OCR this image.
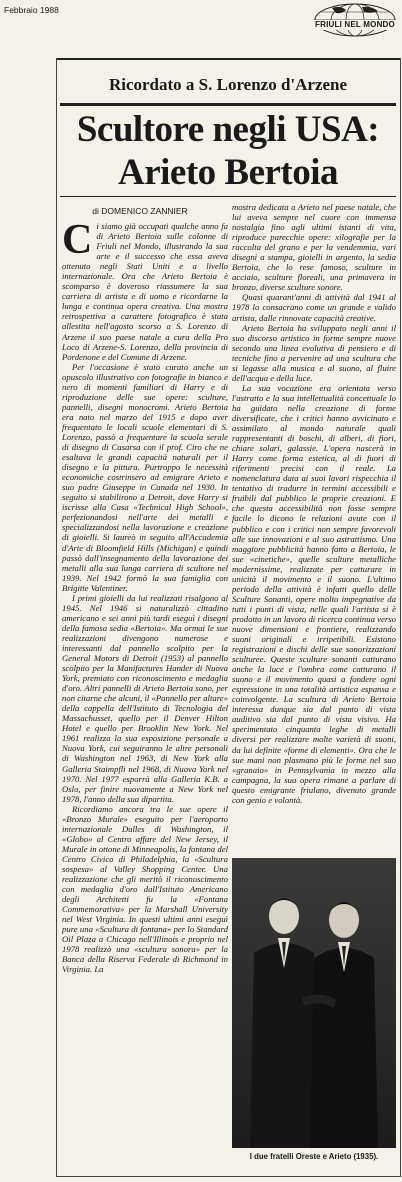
Febbraio 1988
FRIULI NEL MONDO
Ricordato a S. Lorenzo d'Arzene
Scultore negli USA:
Arieto Bertoia
di DOMENICO ZANNIER

Ci siamo già occupati qualche anno fa di Arieto Bertoia sulle colonne di Friuli nel Mondo, illustrando la sua arte e il successo che essa aveva ottenuto negli Stati Uniti e a livello internazionale. Ora che Arieto Bertoia è scomparso è doveroso riassumere la sua carriera di artista e di uomo e ricordarne la lunga e continua opera creativa. Una mostra retrospettiva a carattere fotografico è stata allestita nell'agosto scorso a S. Lorenzo di Arzene il suo paese natale a cura della Pro Loco di Arzene-S. Lorenzo, della provincia di Pordenone e del Comune di Arzene.

Per l'occasione è stato curato anche un opuscolo illustrativo con fotografie in bianco e nero di momenti familiari di Harry e di riproduzione delle sue opere: sculture, pannelli, disegni monocromi. Arieto Bertoia era nato nel marzo del 1915 e dopo aver frequentato le locali scuole elementari di S. Lorenzo, passò a frequentare la scuola serale di disegno di Casarsa con il prof. Ciro che ne esaltava le grandi capacità naturali per il disegno e la pittura. Purtroppo le necessità economiche costrinsero ad emigrare Arieto e suo padre Giuseppe in Canada nel 1930. In seguito si stabilirono a Detroit, dove Harry si iscrisse alla Casa «Technical High School», perfezionandosi nell'arte dei metalli e specializzandosi nella lavorazione e creazione di gioielli. Si laureò in seguito all'Accademia d'Arte di Bloomfield Hills (Michigan) e quindi passò dall'insegnamento della lavorazione dei metalli alla sua lunga carriera di scultore nel 1939. Nel 1942 formò la sua famiglia con Brigitte Valentiner.

I primi gioielli da lui realizzati risalgono al 1945. Nel 1946 si naturalizzò cittadino americano e sei anni più tardi eseguì i disegni della famosa sedia «Bertoia». Ma ormai le sue realizzazioni divengono numerose e interessanti dal pannello scolpito per la General Motors di Detroit (1953) al pannello scolpito per la Manifactures Hander di Nuova York, premiato con riconoscimento e medaglia d'oro. Altri pannelli di Arieto Bertoia sono, per non citarne che alcuni, il «Pannello per altare» della cappella dell'Istituto di Tecnologia del Massachusset, quello per il Denver Hilton Hotel e quello per Brooklin New York. Nel 1961 realizza la sua esposizione personale a Nuova York, cui seguiranno le altre personali di Washington nel 1963, di New York alla Galleria Staimpfli nel 1968, di Nuova York nel 1970. Nel 1977 esporrà alla Galleria K.B. a Oslo, per finire nuovamente a New York nel 1978, l'anno della sua dipartita.

Ricordiamo ancora tra le sue opere il «Bronzo Murale» eseguito per l'aeroporto internazionale Dulles di Washington, il «Globo» al Centro affare del New Jersey, il Murale in ottone di Minneapolis, la fontana del Centro Civico di Philadelphia, la «Scultura sospesa» al Valley Shopping Center. Una realizzazione che gli meritò il riconoscimento con medaglia d'oro dall'Istituto Americano degli Architetti fu la «Fontana Commemorativa» per la Marshall University nel West Virginia. In questi ultimi anni eseguì pure una «Scultura di fontana» per lo Standard Oil Plaza a Chicago nell'Illinois e proprio nel 1978 realizzò una «scultura sonora» per la Banca della Riserva Federale di Richmond in Virginia. La

mostra dedicata a Arieto nel paese natale, che lui aveva sempre nel cuore con immensa nostalgia fino agli ultimi istanti di vita, riproduce parecchie opere: xilografie per la raccolta del grano e per la vendemmia, vari disegni a stampa, gioielli in argento, la sedia Bertoia, che lo rese famoso, sculture in acciaio, sculture floreali, una primavera in bronzo, diverse sculture sonore.

Quasi quarant'anni di attività dal 1941 al 1978 lo consacrano come un grande e valido artista, dalle rinnovate capacità creative.

Arieto Bertoia ha sviluppato negli anni il suo discorso artistico in forme sempre nuove secondo una linea evolutiva di pensiero e di tecniche fino a pervenire ad una scultura che si legasse alla musica e al suono, al fluire dell'acqua e della luce.

La sua vocazione era orientata verso l'astratto e la sua intellettualità concettuale lo ha guidato nella creazione di forme diversificate, che i critici hanno avvicinato e assimilato al mondo naturale quali rappresentanti di boschi, di alberi, di fiori, chiare solari, galassie. L'opera nascerà in Harry come forma estetica, al di fuori di riferimenti precisi con il reale. La nomenclatura data ai suoi lavori rispecchia il tentativo di tradurre in termini accessibili e fruibili dal pubblico le proprie creazioni. E che questa accessibilità non fosse sempre facile lo dicono le relazioni avute con il pubblico e con i critici non sempre favorevoli alle sue innovazioni e al suo astrattismo. Una maggiore pubblicità hanno fatto a Bertoia, le sue «cinetiche», quelle sculture metalliche modernissime, realizzate per catturare in unicità il movimento e il suono. L'ultimo periodo della attività è infatti quello delle Sculture Sonanti, opere molto impegnative da tutti i punti di vista, nelle quali l'artista si è prodotto in un lavoro di ricerca continua verso nuove dimensioni e frontiere, realizzando suoni originali e irripetibili. Esistono registrazioni e dischi delle sue sonorizzazioni sculturee. Queste sculture sonanti catturano anche la luce e l'ombra come catturano il suono e il movimento quasi a fondere ogni espressione in una totalità artistica espansa e coinvolgente. La scultura di Arieto Bertoia interessa dunque sia dal punto di vista auditivo sia dal punto di vista visivo. Ha sperimentato cinquanta leghe di metalli diversi per realizzare molte varietà di suoni, da lui definite «forme di elementi». Ora che le sue mani non plasmano più le forme nel suo «granaio» in Pennsylvania in mezzo alla campagna, la sua opera rimane a parlare di questo emigrante friulano, divenuto grande con genio e volontà.

I due fratelli Oreste e Arieto (1935).
